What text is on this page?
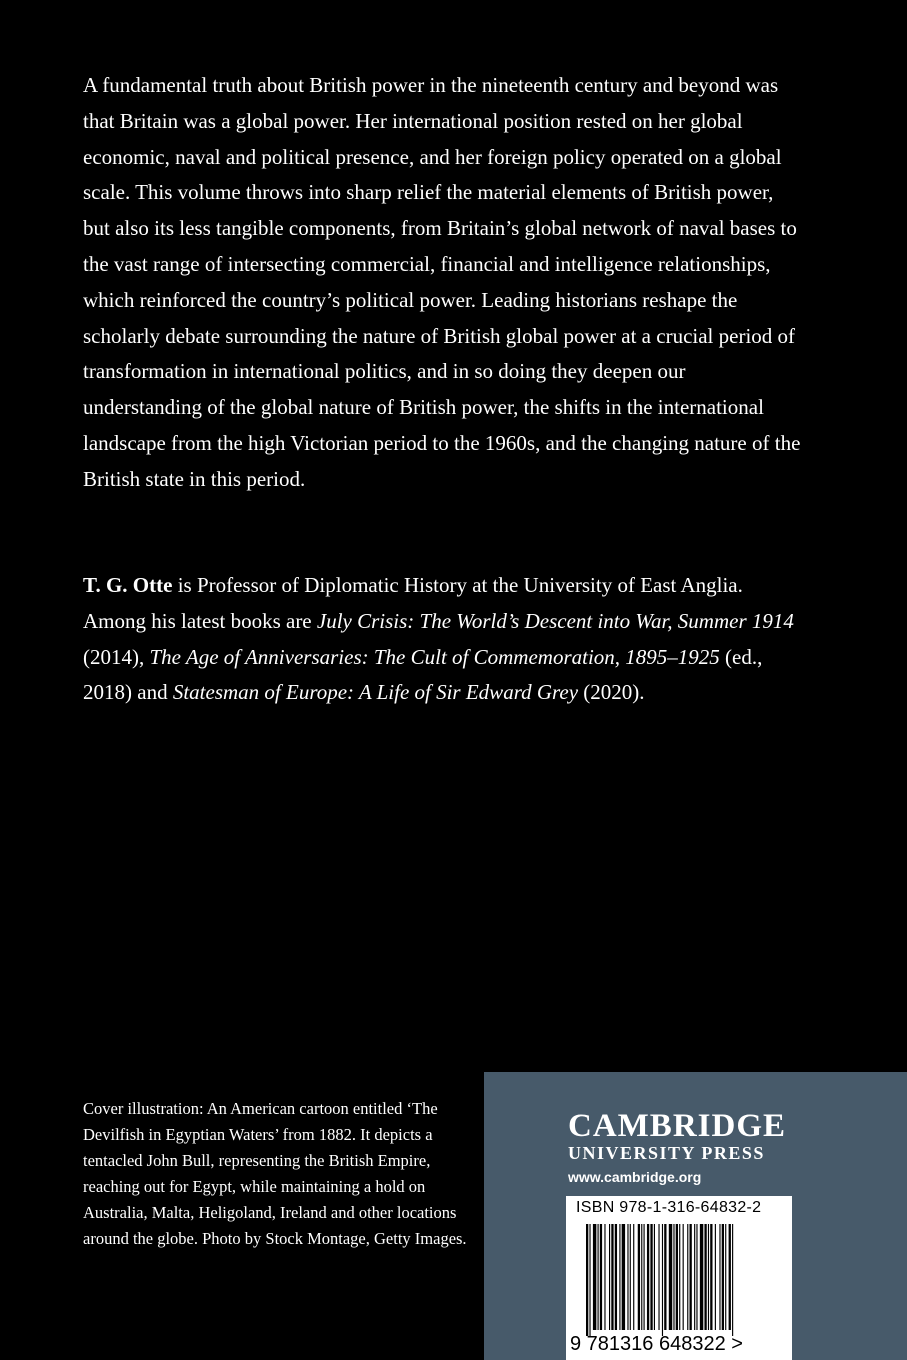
A fundamental truth about British power in the nineteenth century and beyond was that Britain was a global power. Her international position rested on her global economic, naval and political presence, and her foreign policy operated on a global scale. This volume throws into sharp relief the material elements of British power, but also its less tangible components, from Britain’s global network of naval bases to the vast range of intersecting commercial, financial and intelligence relationships, which reinforced the country’s political power. Leading historians reshape the scholarly debate surrounding the nature of British global power at a crucial period of transformation in international politics, and in so doing they deepen our understanding of the global nature of British power, the shifts in the international landscape from the high Victorian period to the 1960s, and the changing nature of the British state in this period.

T. G. Otte is Professor of Diplomatic History at the University of East Anglia. Among his latest books are July Crisis: The World’s Descent into War, Summer 1914 (2014), The Age of Anniversaries: The Cult of Commemoration, 1895–1925 (ed., 2018) and Statesman of Europe: A Life of Sir Edward Grey (2020).

Cover illustration: An American cartoon entitled ‘The Devilfish in Egyptian Waters’ from 1882. It depicts a tentacled John Bull, representing the British Empire, reaching out for Egypt, while maintaining a hold on Australia, Malta, Heligoland, Ireland and other locations around the globe. Photo by Stock Montage, Getty Images.

CAMBRIDGE
UNIVERSITY PRESS
www.cambridge.org
ISBN 978-1-316-64832-2
9 781316 648322 >
